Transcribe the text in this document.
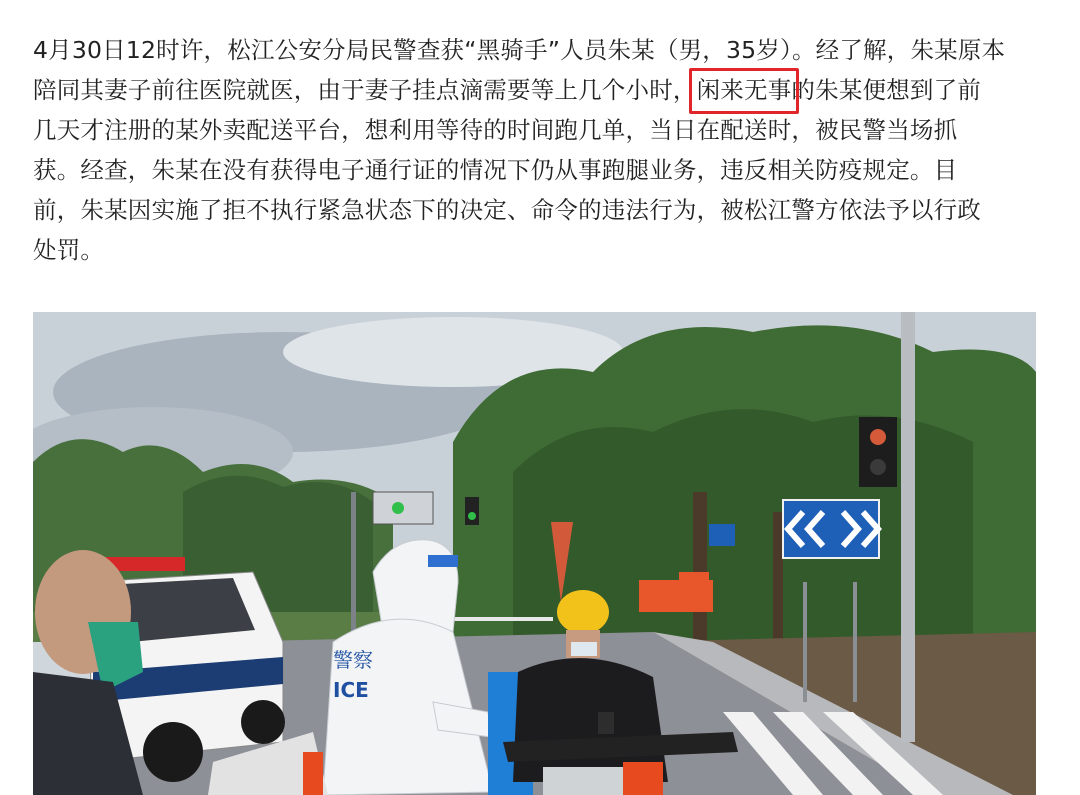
4月30日12时许，松江公安分局民警查获“黑骑手”人员朱某（男，35岁）。经了解，朱某原本
陪同其妻子前往医院就医，由于妻子挂点滴需要等上几个小时，闲来无事
的朱某便想到了前
几天才注册的某外卖配送平台，想利用等待的时间跑几单，当日在配送时，被民警当场抓
获。经查，朱某在没有获得电子通行证的情况下仍从事跑腿业务，违反相关防疫规定。目
前，朱某因实施了拒不执行紧急状态下的决定、命令的违法行为，被松江警方依法予以行政
处罚。

公安
警察
ICE
